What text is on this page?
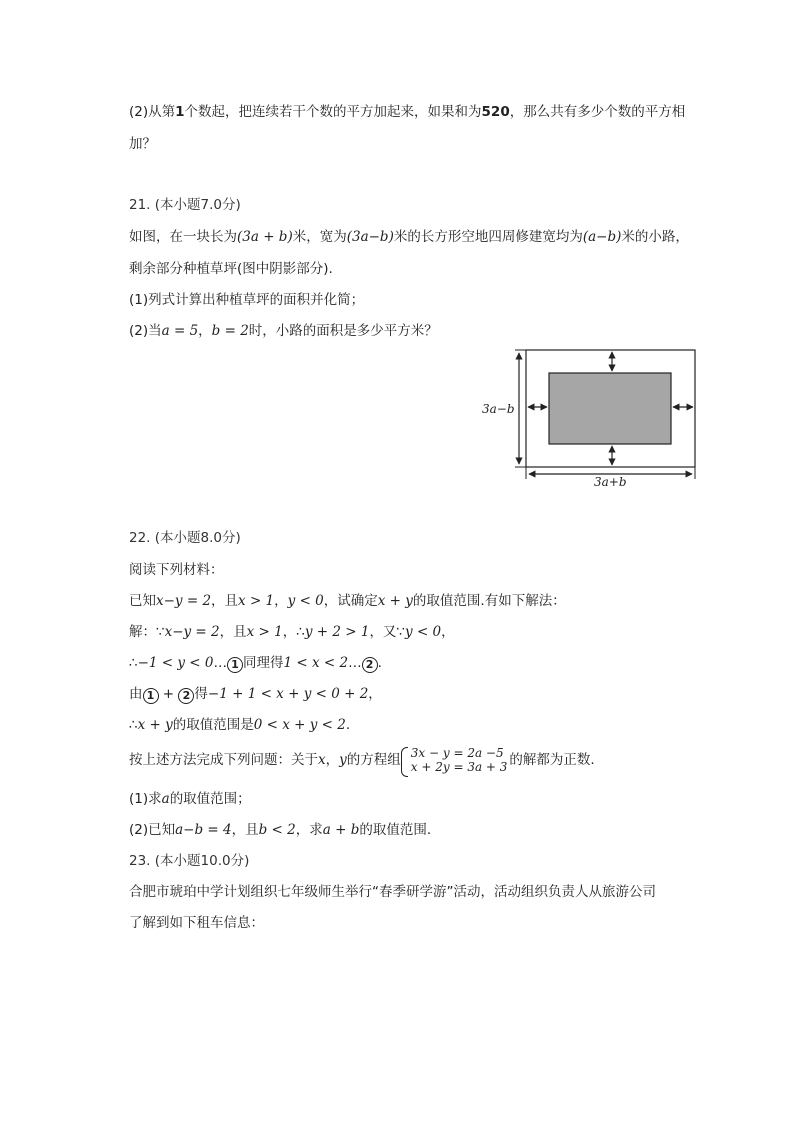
(2)从第1个数起，把连续若干个数的平方加起来，如果和为520，那么共有多少个数的平方相
加？
21. (本小题7.0分)
如图，在一块长为(3a + b)米，宽为(3a−b)米的长方形空地四周修建宽均为(a−b)米的小路，
剩余部分种植草坪(图中阴影部分).
(1)列式计算出种植草坪的面积并化简；
(2)当a = 5，b = 2时，小路的面积是多少平方米？
3a−b
3a+b
22. (本小题8.0分)
阅读下列材料：
已知x−y = 2，且x > 1，y < 0，试确定x + y的取值范围.有如下解法：
解：∵x−y = 2，且x > 1，∴y + 2 > 1，又∵y < 0，
∴−1 < y < 0… 1 同理得1 < x < 2… 2 .
由 1 + 2 得−1 + 1 < x + y < 0 + 2，
∴x + y的取值范围是0 < x + y < 2.
按上述方法完成下列问题：关于x，y的方程组 3x − y = 2a −5
x + 2y = 3a + 3 的解都为正数.
(1)求a的取值范围；
(2)已知a−b = 4，且b < 2，求a + b的取值范围.
23. (本小题10.0分)
合肥市琥珀中学计划组织七年级师生举行“春季研学游”活动，活动组织负责人从旅游公司
了解到如下租车信息：
